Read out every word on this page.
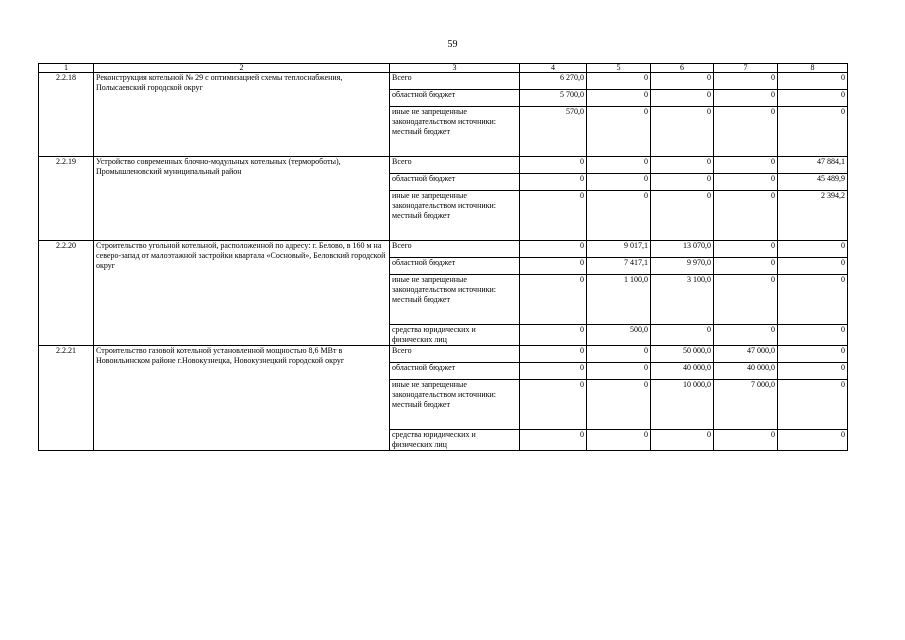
59
1	2	3	4	5	6	7	8
2.2.18	Реконструкция котельной № 29 с оптимизацией схемы теплоснабжения, Полысаевский городской округ	Всего	6 270,0	0	0	0	0

		областной бюджет	5 700,0	0	0	0	0

		иные не запрещенные законодательством источники:
местный бюджет	570,0	0	0	0	0
2.2.19	Устройство современных блочно-модульных котельных (термороботы), Промышленовский муниципальный район	Всего	0	0	0	0	47 884,1

		областной бюджет	0	0	0	0	45 489,9

		иные не запрещенные законодательством источники:
местный бюджет	0	0	0	0	2 394,2
2.2.20	Строительство угольной котельной, расположенной по адресу: г. Белово, в 160 м на северо-запад от малоэтажной застройки квартала «Сосновый», Беловский городской округ	Всего	0	9 017,1	13 070,0	0	0

		областной бюджет	0	7 417,1	9 970,0	0	0

		иные не запрещенные законодательством источники:
местный бюджет	0	1 100,0	3 100,0	0	0

		средства юридических и физических лиц	0	500,0	0	0	0
2.2.21	Строительство газовой котельной установленной мощностью 8,6 МВт в Новоильинском районе г.Новокузнецка, Новокузнецкий городской округ	Всего	0	0	50 000,0	47 000,0	0

		областной бюджет	0	0	40 000,0	40 000,0	0

		иные не запрещенные законодательством источники:
местный бюджет	0	0	10 000,0	7 000,0	0

		средства юридических и физических лиц	0	0	0	0	0
